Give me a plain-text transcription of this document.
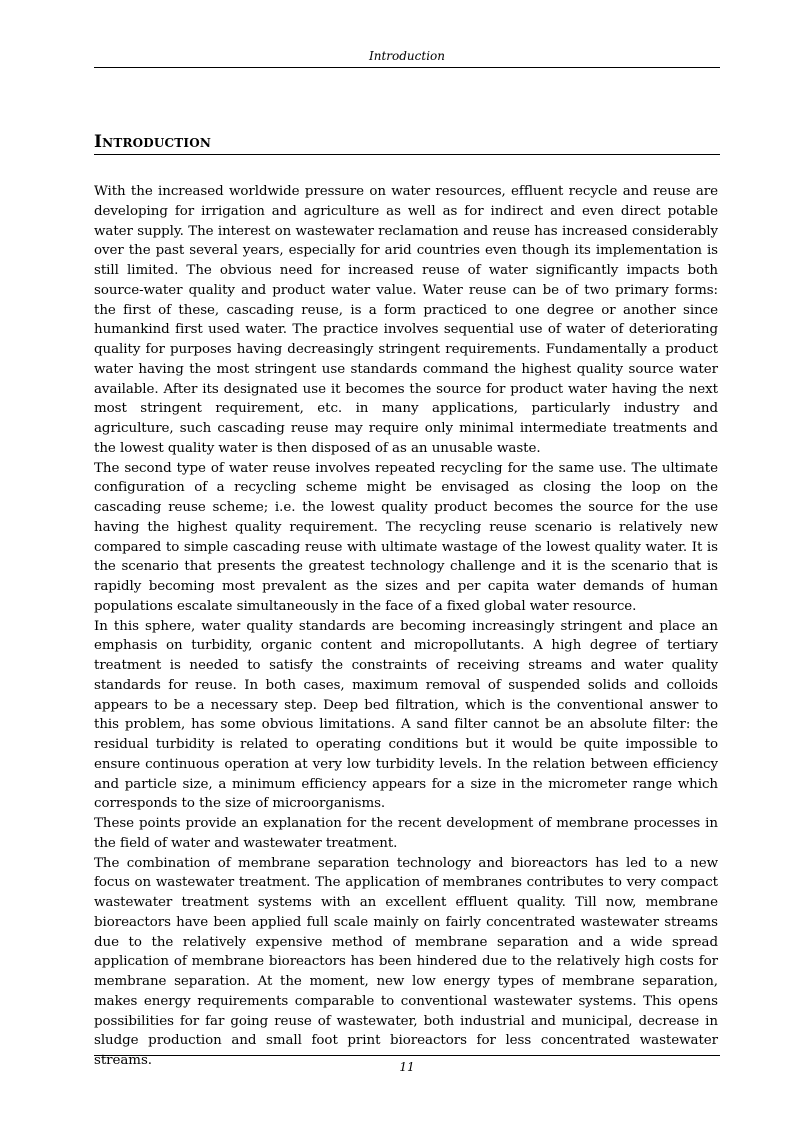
Introduction
Introduction

With the increased worldwide pressure on water resources, effluent recycle and reuse are developing for irrigation and agriculture as well as for indirect and even direct potable water supply. The interest on wastewater reclamation and reuse has increased considerably over the past several years, especially for arid countries even though its implementation is still limited. The obvious need for increased reuse of water significantly impacts both source-water quality and product water value. Water reuse can be of two primary forms: the first of these, cascading reuse, is a form practiced to one degree or another since humankind first used water. The practice involves sequential use of water of deteriorating quality for purposes having decreasingly stringent requirements. Fundamentally a product water having the most stringent use standards command the highest quality source water available. After its designated use it becomes the source for product water having the next most stringent requirement, etc. in many applications, particularly industry and agriculture, such cascading reuse may require only minimal intermediate treatments and the lowest quality water is then disposed of as an unusable waste.

The second type of water reuse involves repeated recycling for the same use. The ultimate configuration of a recycling scheme might be envisaged as closing the loop on the cascading reuse scheme; i.e. the lowest quality product becomes the source for the use having the highest quality requirement. The recycling reuse scenario is relatively new compared to simple cascading reuse with ultimate wastage of the lowest quality water. It is the scenario that presents the greatest technology challenge and it is the scenario that is rapidly becoming most prevalent as the sizes and per capita water demands of human populations escalate simultaneously in the face of a fixed global water resource.

In this sphere, water quality standards are becoming increasingly stringent and place an emphasis on turbidity, organic content and micropollutants. A high degree of tertiary treatment is needed to satisfy the constraints of receiving streams and water quality standards for reuse. In both cases, maximum removal of suspended solids and colloids appears to be a necessary step. Deep bed filtration, which is the conventional answer to this problem, has some obvious limitations. A sand filter cannot be an absolute filter: the residual turbidity is related to operating conditions but it would be quite impossible to ensure continuous operation at very low turbidity levels. In the relation between efficiency and particle size, a minimum efficiency appears for a size in the micrometer range which corresponds to the size of microorganisms.

These points provide an explanation for the recent development of membrane processes in the field of water and wastewater treatment.

The combination of membrane separation technology and bioreactors has led to a new focus on wastewater treatment. The application of membranes contributes to very compact wastewater treatment systems with an excellent effluent quality. Till now, membrane bioreactors have been applied full scale mainly on fairly concentrated wastewater streams due to the relatively expensive method of membrane separation and a wide spread application of membrane bioreactors has been hindered due to the relatively high costs for membrane separation. At the moment, new low energy types of membrane separation, makes energy requirements comparable to conventional wastewater systems. This opens possibilities for far going reuse of wastewater, both industrial and municipal, decrease in sludge production and small foot print bioreactors for less concentrated wastewater streams.	11
